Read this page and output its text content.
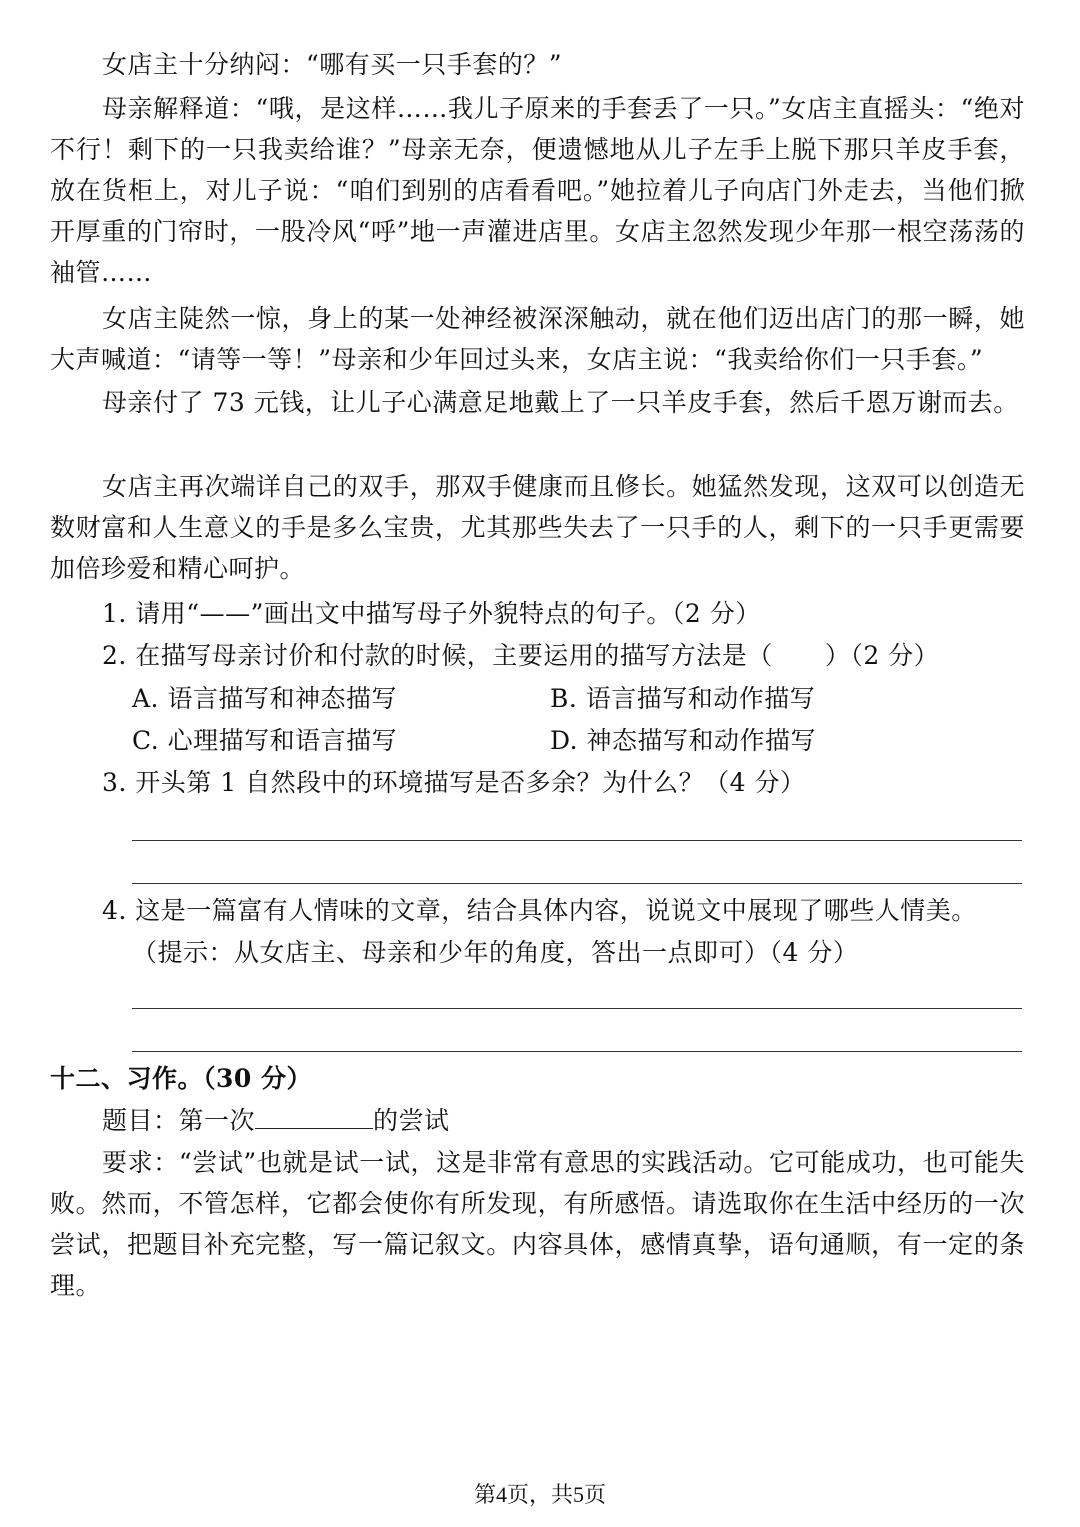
女店主十分纳闷：“哪有买一只手套的？”

母亲解释道：“哦，是这样……我儿子原来的手套丢了一只。”女店主直摇头：“绝对不行！剩下的一只我卖给谁？”母亲无奈，便遗憾地从儿子左手上脱下那只羊皮手套，放在货柜上，对儿子说：“咱们到别的店看看吧。”她拉着儿子向店门外走去，当他们掀开厚重的门帘时，一股冷风“呼”地一声灌进店里。女店主忽然发现少年那一根空荡荡的袖管……

女店主陡然一惊，身上的某一处神经被深深触动，就在他们迈出店门的那一瞬，她大声喊道：“请等一等！”母亲和少年回过头来，女店主说：“我卖给你们一只手套。”

母亲付了 73 元钱，让儿子心满意足地戴上了一只羊皮手套，然后千恩万谢而去。

女店主再次端详自己的双手，那双手健康而且修长。她猛然发现，这双可以创造无数财富和人生意义的手是多么宝贵，尤其那些失去了一只手的人，剩下的一只手更需要加倍珍爱和精心呵护。

1. 请用“——”画出文中描写母子外貌特点的句子。（2 分）

2. 在描写母亲讨价和付款的时候，主要运用的描写方法是（ ）（2 分）

A. 语言描写和神态描写	B. 语言描写和动作描写

C. 心理描写和语言描写	D. 神态描写和动作描写

3. 开头第 1 自然段中的环境描写是否多余？为什么？（4 分）

4. 这是一篇富有人情味的文章，结合具体内容，说说文中展现了哪些人情美。

（提示：从女店主、母亲和少年的角度，答出一点即可）（4 分）

十二、习作。（30 分）

题目：第一次	的尝试

要求：“尝试”也就是试一试，这是非常有意思的实践活动。它可能成功，也可能失败。然而，不管怎样，它都会使你有所发现，有所感悟。请选取你在生活中经历的一次尝试，把题目补充完整，写一篇记叙文。内容具体，感情真挚，语句通顺，有一定的条理。

第4页，共5页
